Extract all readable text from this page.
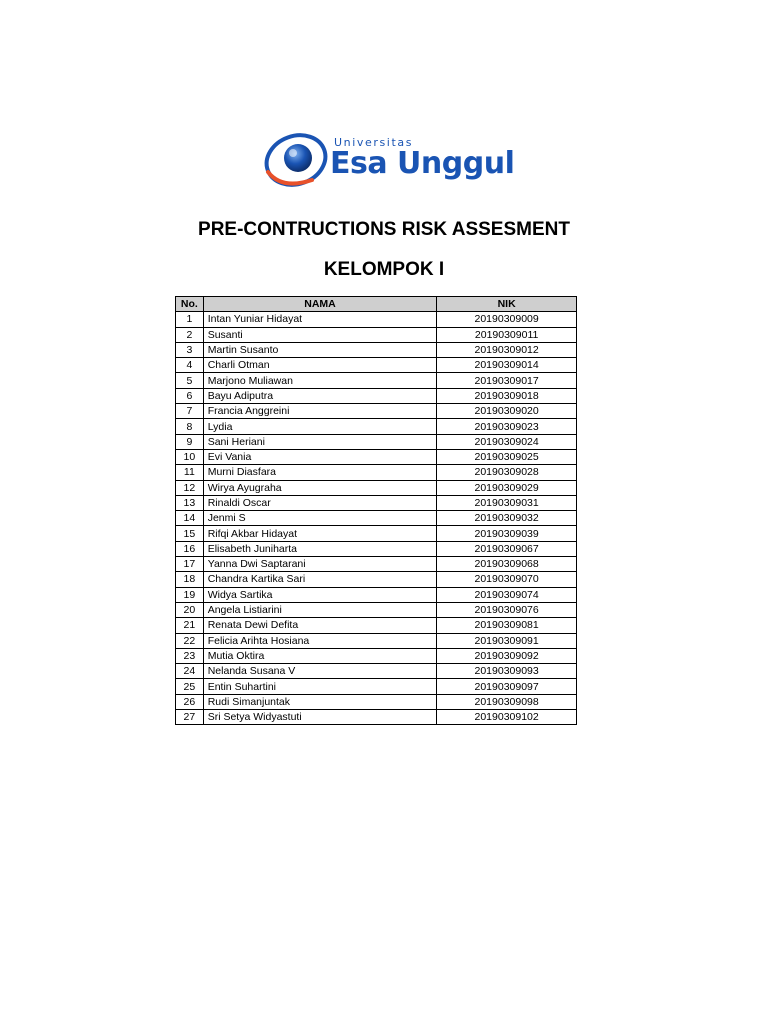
Universitas
Esa Unggul
PRE-CONTRUCTIONS RISK ASSESMENT
KELOMPOK I
No.	NAMA	NIK
1	Intan Yuniar Hidayat	20190309009
2	Susanti	20190309011
3	Martin Susanto	20190309012
4	Charli Otman	20190309014
5	Marjono Muliawan	20190309017
6	Bayu Adiputra	20190309018
7	Francia Anggreini	20190309020
8	Lydia	20190309023
9	Sani Heriani	20190309024
10	Evi Vania	20190309025
11	Murni Diasfara	20190309028
12	Wirya Ayugraha	20190309029
13	Rinaldi Oscar	20190309031
14	Jenmi S	20190309032
15	Rifqi Akbar Hidayat	20190309039
16	Elisabeth Juniharta	20190309067
17	Yanna Dwi Saptarani	20190309068
18	Chandra Kartika Sari	20190309070
19	Widya Sartika	20190309074
20	Angela Listiarini	20190309076
21	Renata Dewi Defita	20190309081
22	Felicia Arihta Hosiana	20190309091
23	Mutia Oktira	20190309092
24	Nelanda Susana V	20190309093
25	Entin Suhartini	20190309097
26	Rudi Simanjuntak	20190309098
27	Sri Setya Widyastuti	20190309102
